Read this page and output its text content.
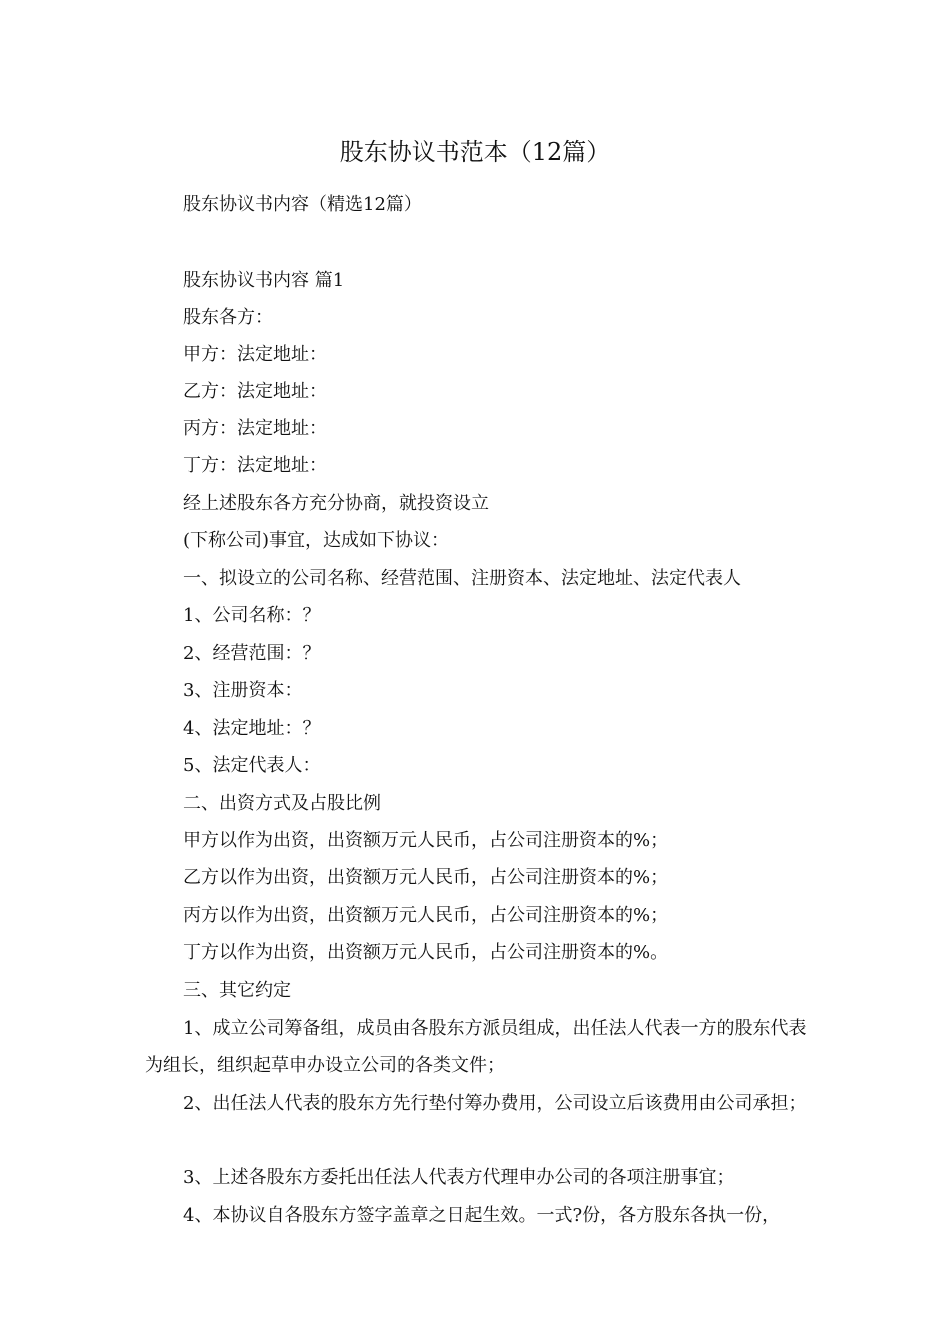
股东协议书范本（12篇）
股东协议书内容（精选12篇）
股东协议书内容 篇1
股东各方：
甲方：法定地址：
乙方：法定地址：
丙方：法定地址：
丁方：法定地址：
经上述股东各方充分协商，就投资设立
(下称公司)事宜，达成如下协议：
一、拟设立的公司名称、经营范围、注册资本、法定地址、法定代表人
1、公司名称：？
2、经营范围：？
3、注册资本：
4、法定地址：？
5、法定代表人：
二、出资方式及占股比例
甲方以作为出资，出资额万元人民币，占公司注册资本的%；
乙方以作为出资，出资额万元人民币，占公司注册资本的%；
丙方以作为出资，出资额万元人民币，占公司注册资本的%；
丁方以作为出资，出资额万元人民币，占公司注册资本的%。
三、其它约定
1、成立公司筹备组，成员由各股东方派员组成，出任法人代表一方的股东代表为组长，组织起草申办设立公司的各类文件；
2、出任法人代表的股东方先行垫付筹办费用，公司设立后该费用由公司承担；
3、上述各股东方委托出任法人代表方代理申办公司的各项注册事宜；
4、本协议自各股东方签字盖章之日起生效。一式?份，各方股东各执一份，
